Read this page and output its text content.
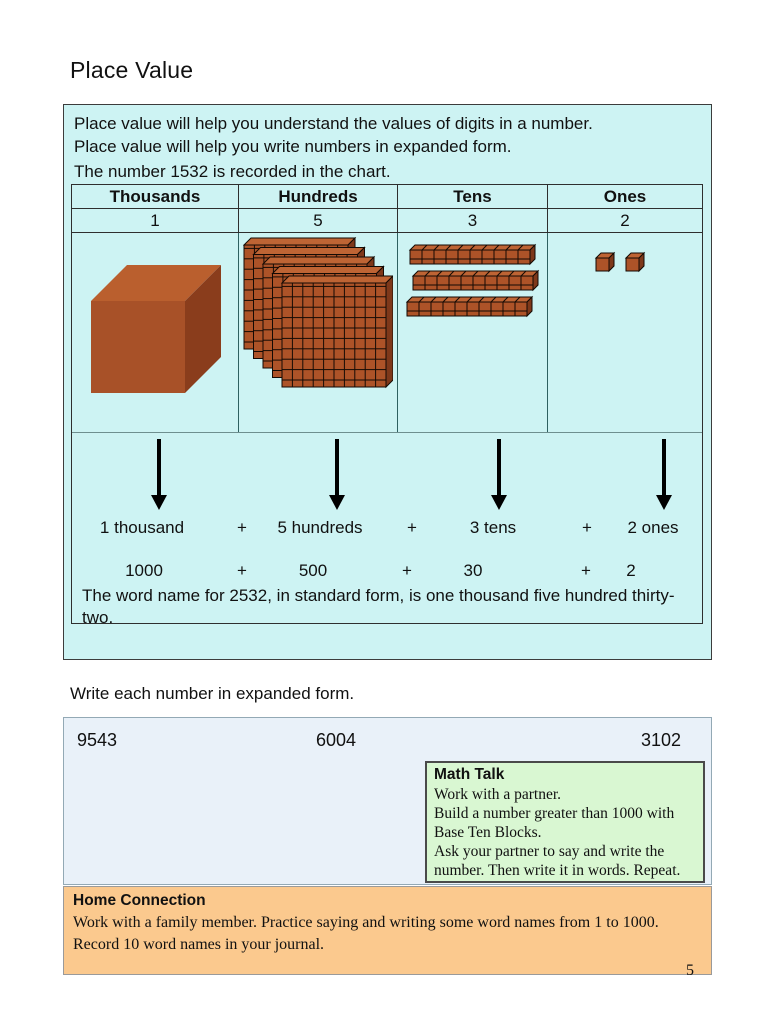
Place Value
Place value will help you understand the values of digits in a number.
Place value will help you write numbers in expanded form.
The number 1532 is recorded in the chart.
Thousands	Hundreds	Tens	Ones
1	5	3	2
1 thousand	+ 5 hundreds	+	3 tens	+ 2 ones
1000	+	500	+	30	+ 2
The word name for 2532, in standard form, is one thousand five hundred thirty-two.
Write each number in expanded form.
9543	6004	3102
Math Talk
Work with a partner.
Build a number greater than 1000 with Base Ten Blocks.
Ask your partner to say and write the number. Then write it in words. Repeat.
Home Connection
Work with a family member. Practice saying and writing some word names from 1 to 1000.
Record 10 word names in your journal.
5
